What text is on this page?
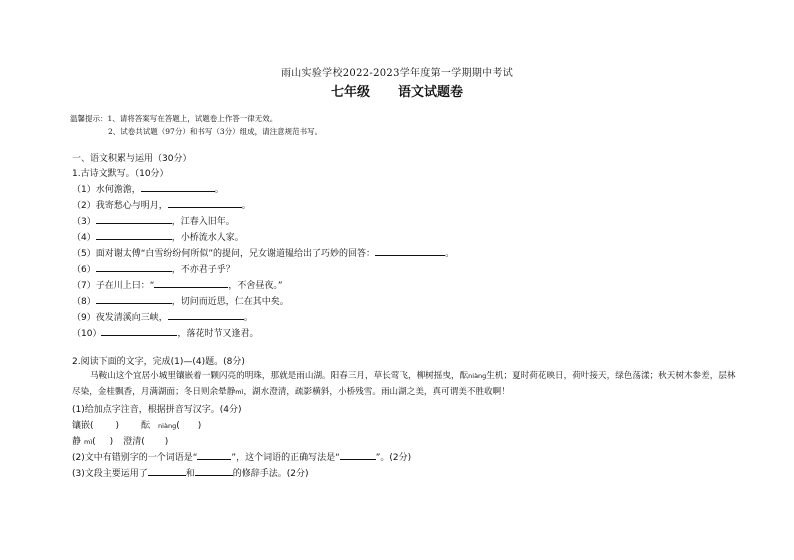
雨山实验学校2022-2023学年度第一学期期中考试
七年级 语文试题卷
温馨提示：1、请将答案写在答题上，试题卷上作答一律无效。
2、试卷共试题（97分）和书写（3分）组成，请注意规范书写。
一、语文积累与运用（30分）
1.古诗文默写。（10分）
（1）水何澹澹，	。
（2）我寄愁心与明月，	。
（3）	，江春入旧年。
（4）	，小桥流水人家。
（5）面对谢太傅“白雪纷纷何所似”的提问，兄女谢道韫给出了巧妙的回答：	。
（6）	，不亦君子乎？
（7）子在川上曰：“	，不舍昼夜。”
（8）	，切问而近思，仁在其中矣。
（9）夜发清溪向三峡，	。
（10）	，落花时节又逢君。
2.阅读下面的文字，完成(1)—(4)题。(8分)
马鞍山这个宜居小城里镶嵌着一颗闪亮的明珠，那就是雨山湖。阳春三月，草长莺飞，柳树摇曳，酝niàng生机；夏时荷花映日，荷叶接天，绿色荡漾；秋天树木参差，层林尽染，金桂飘香，月满湖面；冬日则余晕静mì，湖水澄清，疏影横斜，小桥残雪。雨山湖之美，真可谓美不胜收啊！
(1)给加点字注音，根据拼音写汉字。(4分)
镶嵌( ) 酝 niàng( )
静 mì( ) 澄清( )
(2)文中有错别字的一个词语是“	”，这个词语的正确写法是“	”。(2分)
(3)文段主要运用了	和	的修辞手法。(2分)
